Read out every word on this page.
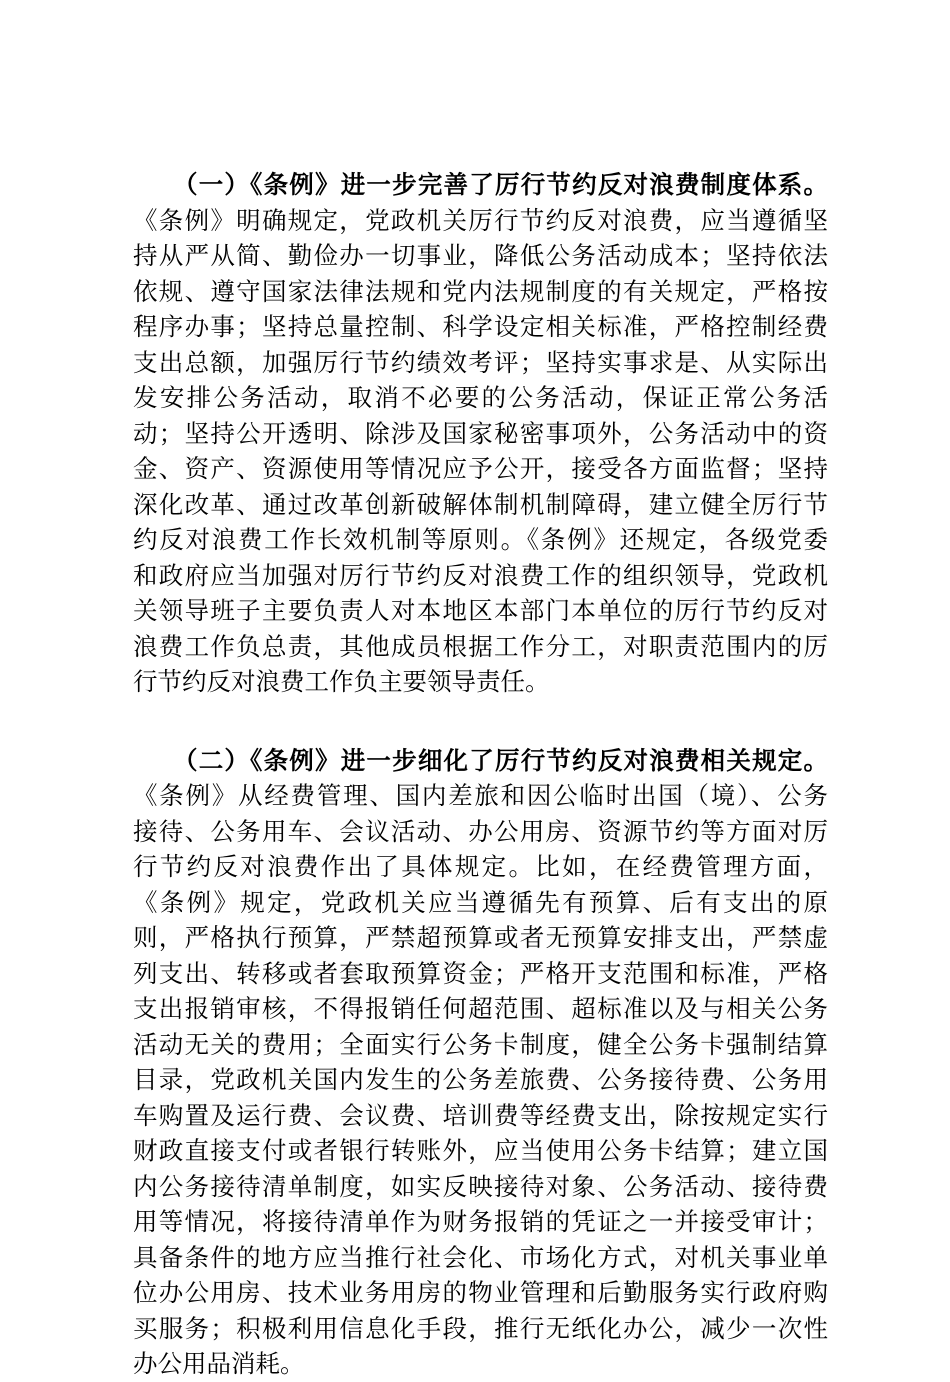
（一）《条例》进一步完善了厉行节约反对浪费制度体系。
《条例》明确规定，党政机关厉行节约反对浪费，应当遵循坚
持从严从简、勤俭办一切事业，降低公务活动成本；坚持依法
依规、遵守国家法律法规和党内法规制度的有关规定，严格按
程序办事；坚持总量控制、科学设定相关标准，严格控制经费
支出总额，加强厉行节约绩效考评；坚持实事求是、从实际出
发安排公务活动，取消不必要的公务活动，保证正常公务活
动；坚持公开透明、除涉及国家秘密事项外，公务活动中的资
金、资产、资源使用等情况应予公开，接受各方面监督；坚持
深化改革、通过改革创新破解体制机制障碍，建立健全厉行节
约反对浪费工作长效机制等原则。《条例》还规定，各级党委
和政府应当加强对厉行节约反对浪费工作的组织领导，党政机
关领导班子主要负责人对本地区本部门本单位的厉行节约反对
浪费工作负总责，其他成员根据工作分工，对职责范围内的厉
行节约反对浪费工作负主要领导责任。
（二）《条例》进一步细化了厉行节约反对浪费相关规定。
《条例》从经费管理、国内差旅和因公临时出国（境）、公务
接待、公务用车、会议活动、办公用房、资源节约等方面对厉
行节约反对浪费作出了具体规定。比如，在经费管理方面，
《条例》规定，党政机关应当遵循先有预算、后有支出的原
则，严格执行预算，严禁超预算或者无预算安排支出，严禁虚
列支出、转移或者套取预算资金；严格开支范围和标准，严格
支出报销审核，不得报销任何超范围、超标准以及与相关公务
活动无关的费用；全面实行公务卡制度，健全公务卡强制结算
目录，党政机关国内发生的公务差旅费、公务接待费、公务用
车购置及运行费、会议费、培训费等经费支出，除按规定实行
财政直接支付或者银行转账外，应当使用公务卡结算；建立国
内公务接待清单制度，如实反映接待对象、公务活动、接待费
用等情况，将接待清单作为财务报销的凭证之一并接受审计；
具备条件的地方应当推行社会化、市场化方式，对机关事业单
位办公用房、技术业务用房的物业管理和后勤服务实行政府购
买服务；积极利用信息化手段，推行无纸化办公，减少一次性
办公用品消耗。
